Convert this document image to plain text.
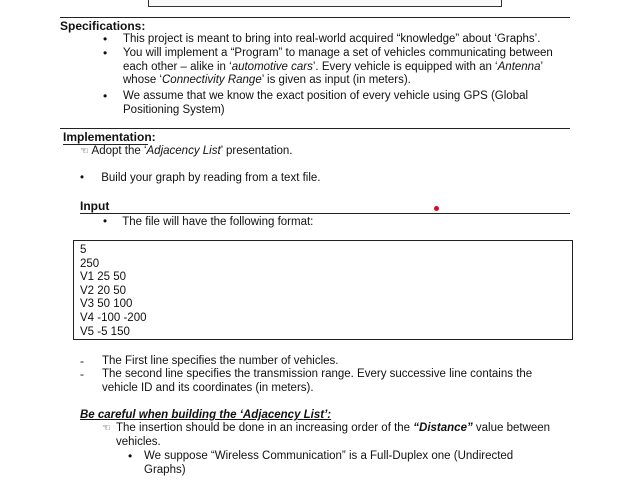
Specifications:
• This project is meant to bring into real-world acquired “knowledge” about ‘Graphs’.
• You will implement a “Program” to manage a set of vehicles communicating between
each other – alike in ‘automotive cars’. Every vehicle is equipped with an ‘Antenna’
whose ‘Connectivity Range’ is given as input (in meters).
• We assume that we know the exact position of every vehicle using GPS (Global
Positioning System)
Implementation:
☜ Adopt the ‘Adjacency List’ presentation.
• Build your graph by reading from a text file.
Input
• The file will have the following format:
5
250
V1 25 50
V2 20 50
V3 50 100
V4 -100 -200
V5 -5 150
- The First line specifies the number of vehicles.
- The second line specifies the transmission range. Every successive line contains the
vehicle ID and its coordinates (in meters).
Be careful when building the ‘Adjacency List’:
☜ The insertion should be done in an increasing order of the “Distance” value between
vehicles.
• We suppose “Wireless Communication” is a Full-Duplex one (Undirected
Graphs)
